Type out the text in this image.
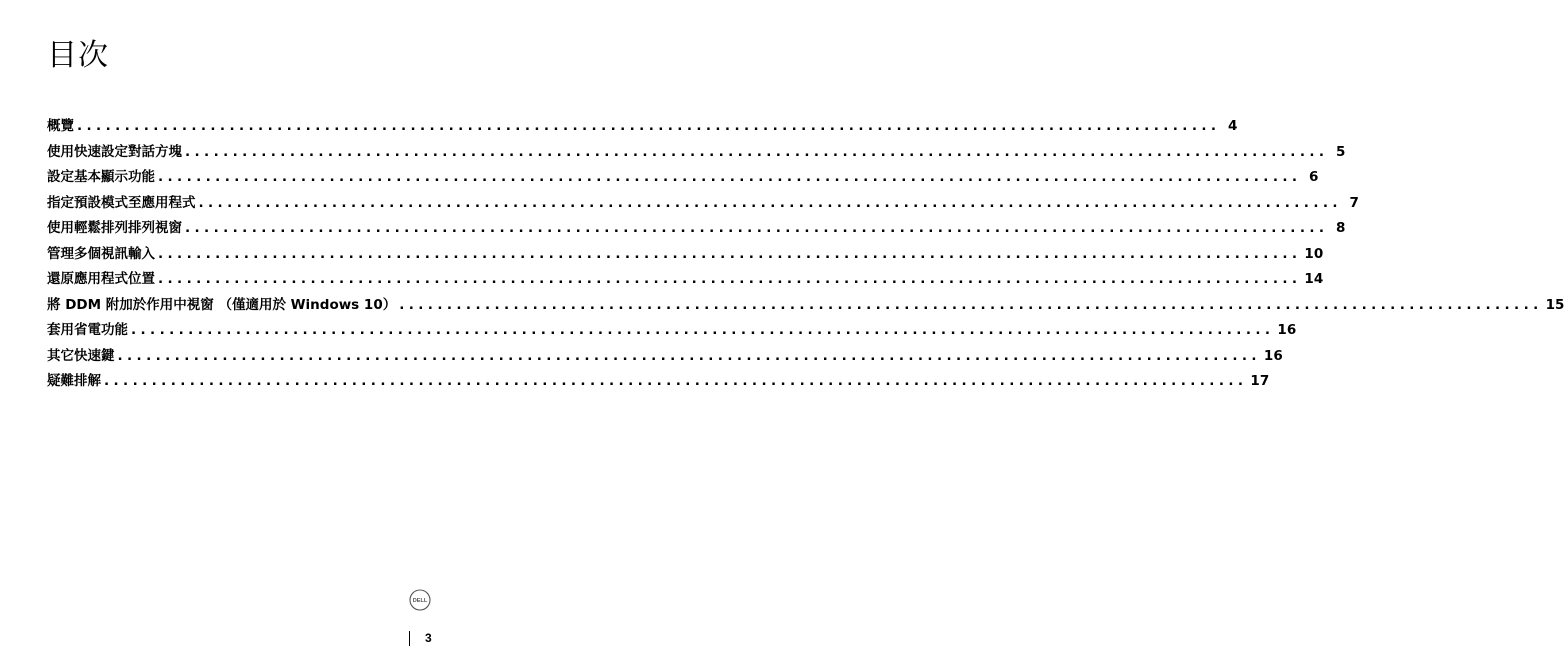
目次
概覽 ........................................................................................................................ 4
使用快速設定對話方塊 ........................................................................................................................ 5
設定基本顯示功能 ........................................................................................................................ 6
指定預設模式至應用程式 ........................................................................................................................ 7
使用輕鬆排列排列視窗 ........................................................................................................................ 8
管理多個視訊輸入 ........................................................................................................................ 10
還原應用程式位置 ........................................................................................................................ 14
將 DDM 附加於作用中視窗 （僅適用於 Windows 10） ........................................................................................................................ 15
套用省電功能 ........................................................................................................................ 16
其它快速鍵 ........................................................................................................................ 16
疑難排解 ........................................................................................................................ 17
DELL
3
